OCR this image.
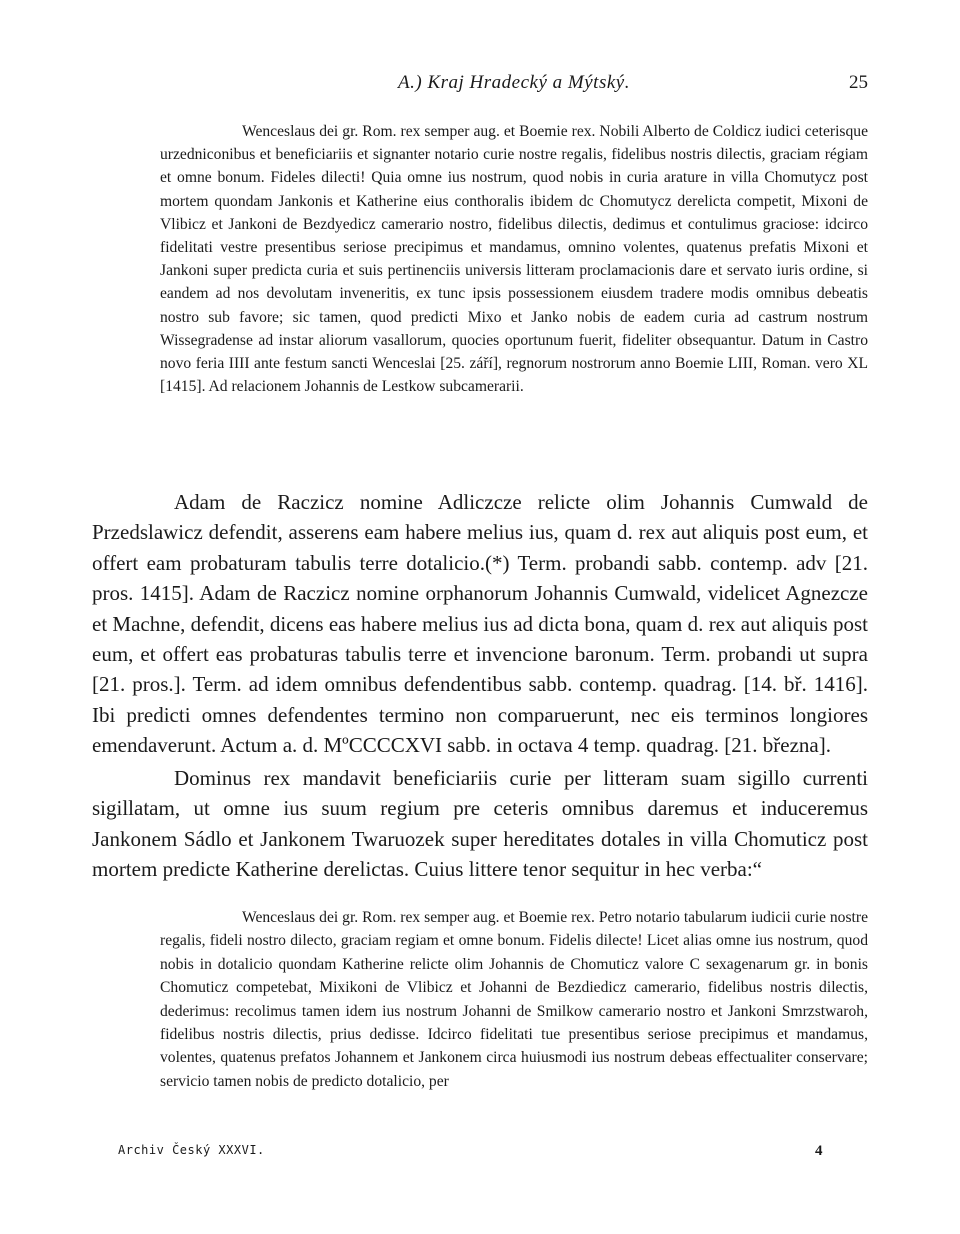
A.) Kraj Hradecký a Mýtský.	25

Wenceslaus dei gr. Rom. rex semper aug. et Boemie rex. Nobili Alberto de Coldicz iudici ceterisque urzedniconibus et beneficiariis et signanter notario curie nostre regalis, fidelibus nostris dilectis, graciam régiam et omne bonum. Fideles dilecti! Quia omne ius nostrum, quod nobis in curia arature in villa Chomutycz post mortem quondam Jankonis et Katherine eius conthoralis ibidem dc Chomutycz derelicta competit, Mixoni de Vlibicz et Jankoni de Bezdyedicz camerario nostro, fidelibus dilectis, dedimus et contulimus graciose: idcirco fidelitati vestre presentibus seriose precipimus et mandamus, omnino volentes, quatenus prefatis Mixoni et Jankoni super predicta curia et suis pertinenciis universis litteram proclamacionis dare et servato iuris ordine, si eandem ad nos devolutam inveneritis, ex tunc ipsis possessionem eiusdem tradere modis omnibus debeatis nostro sub favore; sic tamen, quod predicti Mixo et Janko nobis de eadem curia ad castrum nostrum Wissegradense ad instar aliorum vasallorum, quocies oportunum fuerit, fideliter obsequantur. Datum in Castro novo feria IIII ante festum sancti Wenceslai [25. září], regnorum nostrorum anno Boemie LIII, Roman. vero XL [1415]. Ad relacionem Johannis de Lestkow subcamerarii.

Adam de Raczicz nomine Adliczcze relicte olim Johannis Cumwald de Przedslawicz defendit, asserens eam habere melius ius, quam d. rex aut aliquis post eum, et offert eam probaturam tabulis terre dotalicio.(*) Term. probandi sabb. contemp. adv [21. pros. 1415]. Adam de Raczicz nomine orphanorum Johannis Cumwald, videlicet Agnezcze et Machne, defendit, dicens eas habere melius ius ad dicta bona, quam d. rex aut aliquis post eum, et offert eas probaturas tabulis terre et invencione baronum. Term. probandi ut supra [21. pros.]. Term. ad idem omnibus defendentibus sabb. contemp. quadrag. [14. bř. 1416]. Ibi predicti omnes defendentes termino non comparuerunt, nec eis terminos longiores emendaverunt. Actum a. d. MºCCCCXVI sabb. in octava 4 temp. quadrag. [21. března].

Dominus rex mandavit beneficiariis curie per litteram suam sigillo currenti sigillatam, ut omne ius suum regium pre ceteris omnibus daremus et induceremus Jankonem Sádlo et Jankonem Twaruozek super hereditates dotales in villa Chomuticz post mortem predicte Katherine derelictas. Cuius littere tenor sequitur in hec verba:“

Wenceslaus dei gr. Rom. rex semper aug. et Boemie rex. Petro notario tabularum iudicii curie nostre regalis, fideli nostro dilecto, graciam regiam et omne bonum. Fidelis dilecte! Licet alias omne ius nostrum, quod nobis in dotalicio quondam Katherine relicte olim Johannis de Chomuticz valore C sexagenarum gr. in bonis Chomuticz competebat, Mixikoni de Vlibicz et Johanni de Bezdiedicz camerario, fidelibus nostris dilectis, dederimus: recolimus tamen idem ius nostrum Johanni de Smilkow camerario nostro et Jankoni Smrzstwaroh, fidelibus nostris dilectis, prius dedisse. Idcirco fidelitati tue presentibus seriose precipimus et mandamus, volentes, quatenus prefatos Johannem et Jankonem circa huiusmodi ius nostrum debeas effectualiter conservare; servicio tamen nobis de predicto dotalicio, per

Archiv Český XXXVI.	4
